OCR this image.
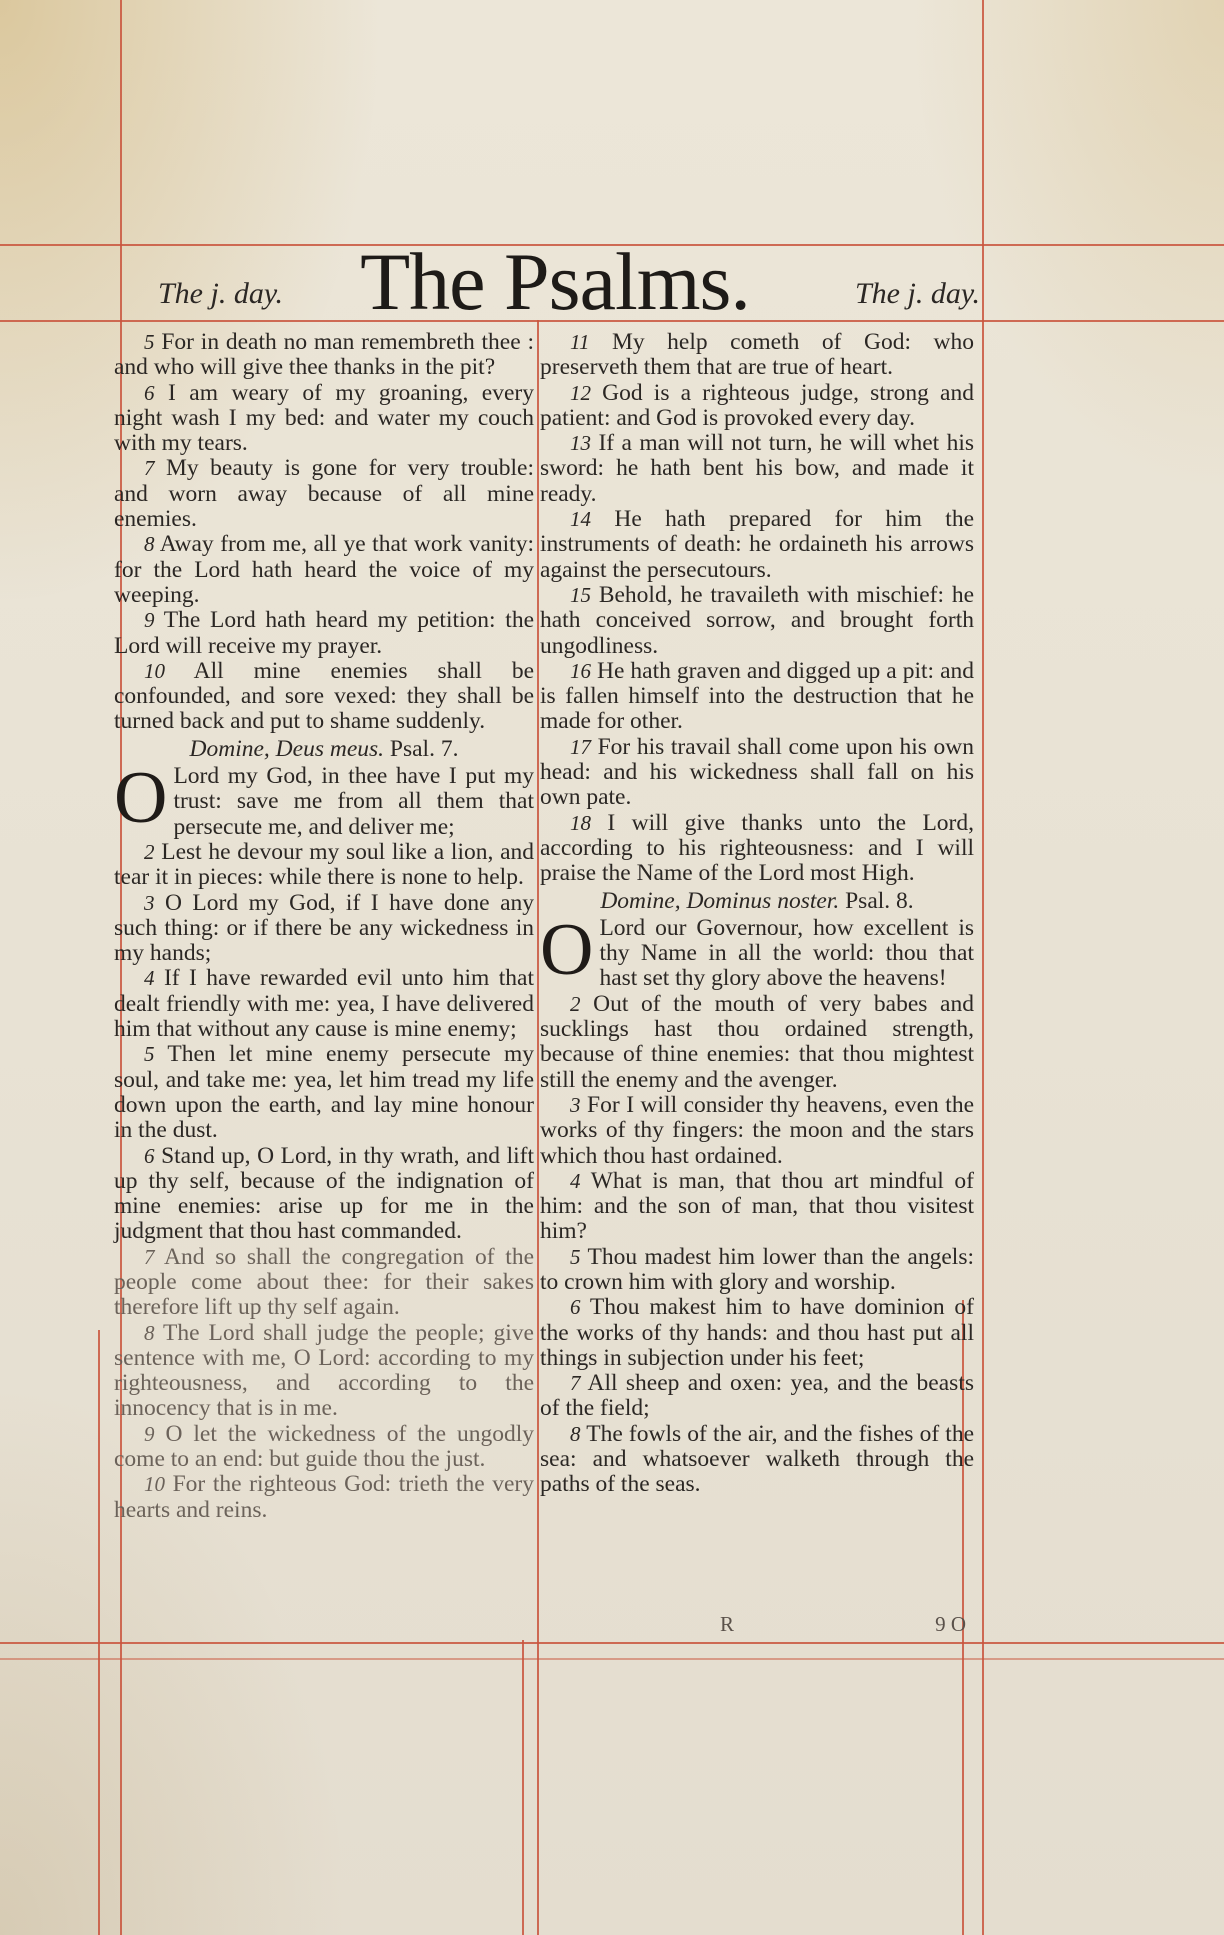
The j. day. The Psalms.	The j. day.

5 For in death no man remembreth thee : and who will give thee thanks in the pit?

6 I am weary of my groaning, every night wash I my bed: and water my couch with my tears.

7 My beauty is gone for very trouble: and worn away because of all mine enemies.

8 Away from me, all ye that work vanity: for the Lord hath heard the voice of my weeping.

9 The Lord hath heard my petition: the Lord will receive my prayer.

10 All mine enemies shall be confounded, and sore vexed: they shall be turned back and put to shame suddenly.

Domine, Deus meus. Psal. 7.

O Lord my God, in thee have I put my trust: save me from all them that persecute me, and deliver me;

2 Lest he devour my soul like a lion, and tear it in pieces: while there is none to help.

3 O Lord my God, if I have done any such thing: or if there be any wickedness in my hands;

4 If I have rewarded evil unto him that dealt friendly with me: yea, I have delivered him that without any cause is mine enemy;

5 Then let mine enemy persecute my soul, and take me: yea, let him tread my life down upon the earth, and lay mine honour in the dust.

6 Stand up, O Lord, in thy wrath, and lift up thy self, because of the indignation of mine enemies: arise up for me in the judgment that thou hast commanded.

7 And so shall the congregation of the people come about thee: for their sakes therefore lift up thy self again.

8 The Lord shall judge the people; give sentence with me, O Lord: according to my righteousness, and according to the innocency that is in me.

9 O let the wickedness of the ungodly come to an end: but guide thou the just.

10 For the righteous God: trieth the very hearts and reins.

11 My help cometh of God: who preserveth them that are true of heart.

12 God is a righteous judge, strong and patient: and God is provoked every day.

13 If a man will not turn, he will whet his sword: he hath bent his bow, and made it ready.

14 He hath prepared for him the instruments of death: he ordaineth his arrows against the persecutours.

15 Behold, he travaileth with mischief: he hath conceived sorrow, and brought forth ungodliness.

16 He hath graven and digged up a pit: and is fallen himself into the destruction that he made for other.

17 For his travail shall come upon his own head: and his wickedness shall fall on his own pate.

18 I will give thanks unto the Lord, according to his righteousness: and I will praise the Name of the Lord most High.

Domine, Dominus noster. Psal. 8.

O Lord our Governour, how excellent is thy Name in all the world: thou that hast set thy glory above the heavens!

2 Out of the mouth of very babes and sucklings hast thou ordained strength, because of thine enemies: that thou mightest still the enemy and the avenger.

3 For I will consider thy heavens, even the works of thy fingers: the moon and the stars which thou hast ordained.

4 What is man, that thou art mindful of him: and the son of man, that thou visitest him?

5 Thou madest him lower than the angels: to crown him with glory and worship.

6 Thou makest him to have dominion of the works of thy hands: and thou hast put all things in subjection under his feet;

7 All sheep and oxen: yea, and the beasts of the field;

8 The fowls of the air, and the fishes of the sea: and whatsoever walketh through the paths of the seas.

R	9 O
